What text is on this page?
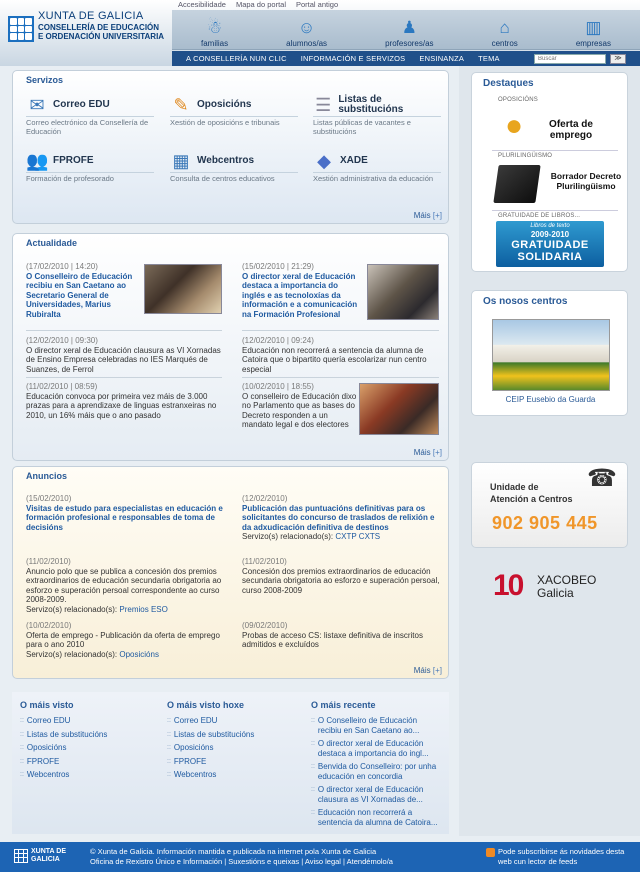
XUNTA DE GALICIA
CONSELLERÍA DE EDUCACIÓN
E ORDENACIÓN UNIVERSITARIA
Accesibilidade Mapa do portal Portal antigo
☃
familias
☺
alumnos/as
♟
profesores/as
⌂
centros
▥
empresas
A CONSELLERÍA NUN CLIC INFORMACIÓN E SERVIZOS ENSINANZA TEMA
Buscar	≫
Servizos
✉ Correo EDU
Correo electrónico da Consellería de Educación
✎ Oposicións
Xestión de oposicións e tribunais
☰ Listas de substitucións
Listas públicas de vacantes e substitucións
👥 FPROFE
Formación de profesorado
▦ Webcentros
Consulta de centros educativos
◆ XADE
Xestión administrativa da educación
Máis [+]
Actualidade
(17/02/2010 | 14:20)
O Conselleiro de Educación recibiu en San Caetano ao Secretario General de Universidades, Marius Rubiralta
(15/02/2010 | 21:29)
O director xeral de Educación destaca a importancia do inglés e as tecnoloxías da información e a comunicación na Formación Profesional
(12/02/2010 | 09:30)
O director xeral de Educación clausura as VI Xornadas de Ensino Empresa celebradas no IES Marqués de Suanzes, de Ferrol
(12/02/2010 | 09:24)
Educación non recorrerá a sentencia da alumna de Catoira que o bipartito quería escolarizar nun centro especial
(11/02/2010 | 08:59)
Educación convoca por primeira vez máis de 3.000 prazas para a aprendizaxe de linguas estranxeiras no 2010, un 16% máis que o ano pasado
(10/02/2010 | 18:55)
O conselleiro de Educación dixo no Parlamento que as bases do Decreto responden a un mandato legal e dos electores
Máis [+]
Anuncios
(15/02/2010)
Visitas de estudo para especialistas en educación e formación profesional e responsables de toma de decisións
(12/02/2010)
Publicación das puntuacións definitivas para os solicitantes do concurso de traslados de relixión e da adxudicación definitiva de destinos
Servizo(s) relacionado(s): CXTP CXTS
(11/02/2010)
Anuncio polo que se publica a concesión dos premios extraordinarios de educación secundaria obrigatoria ao esforzo e superación persoal correspondente ao curso 2008-2009.
Servizo(s) relacionado(s): Premios ESO
(11/02/2010)
Concesión dos premios extraordinarios de educación secundaria obrigatoria ao esforzo e superación persoal, curso 2008-2009
(10/02/2010)
Oferta de emprego - Publicación da oferta de emprego para o ano 2010
Servizo(s) relacionado(s): Oposicións
(09/02/2010)
Probas de acceso CS: listaxe definitiva de inscritos admitidos e excluídos
Máis [+]
O máis visto
:: Correo EDU
:: Listas de substitucións
:: Oposicións
:: FPROFE
:: Webcentros
O máis visto hoxe
:: Correo EDU
:: Listas de substitucións
:: Oposicións
:: FPROFE
:: Webcentros
O máis recente
:: O Conselleiro de Educación recibiu en San Caetano ao...
:: O director xeral de Educación destaca a importancia do ingl...
:: Benvida do Conselleiro: por unha educación en concordia
:: O director xeral de Educación clausura as VI Xornadas de...
:: Educación non recorrerá a sentencia da alumna de Catoira...
Destaques
OPOSICIÓNS
●	Oferta de emprego
PLURILINGÜISMO
Borrador Decreto Plurilingüismo
GRATUIDADE DE LIBROS...
Libros de texto
2009-2010
GRATUIDADE
SOLIDARIA
Os nosos centros
CEIP Eusebio da Guarda
Unidade de
Atención a Centros
☎
902 905 445
10 XACOBEO
Galicia
XUNTA DE GALICIA
© Xunta de Galicia. Información mantida e publicada na internet pola Xunta de Galicia
Oficina de Rexistro Único e Información | Suxestións e queixas | Aviso legal | Atendémolo/a
Pode subscribirse ás novidades desta web cun lector de feeds
